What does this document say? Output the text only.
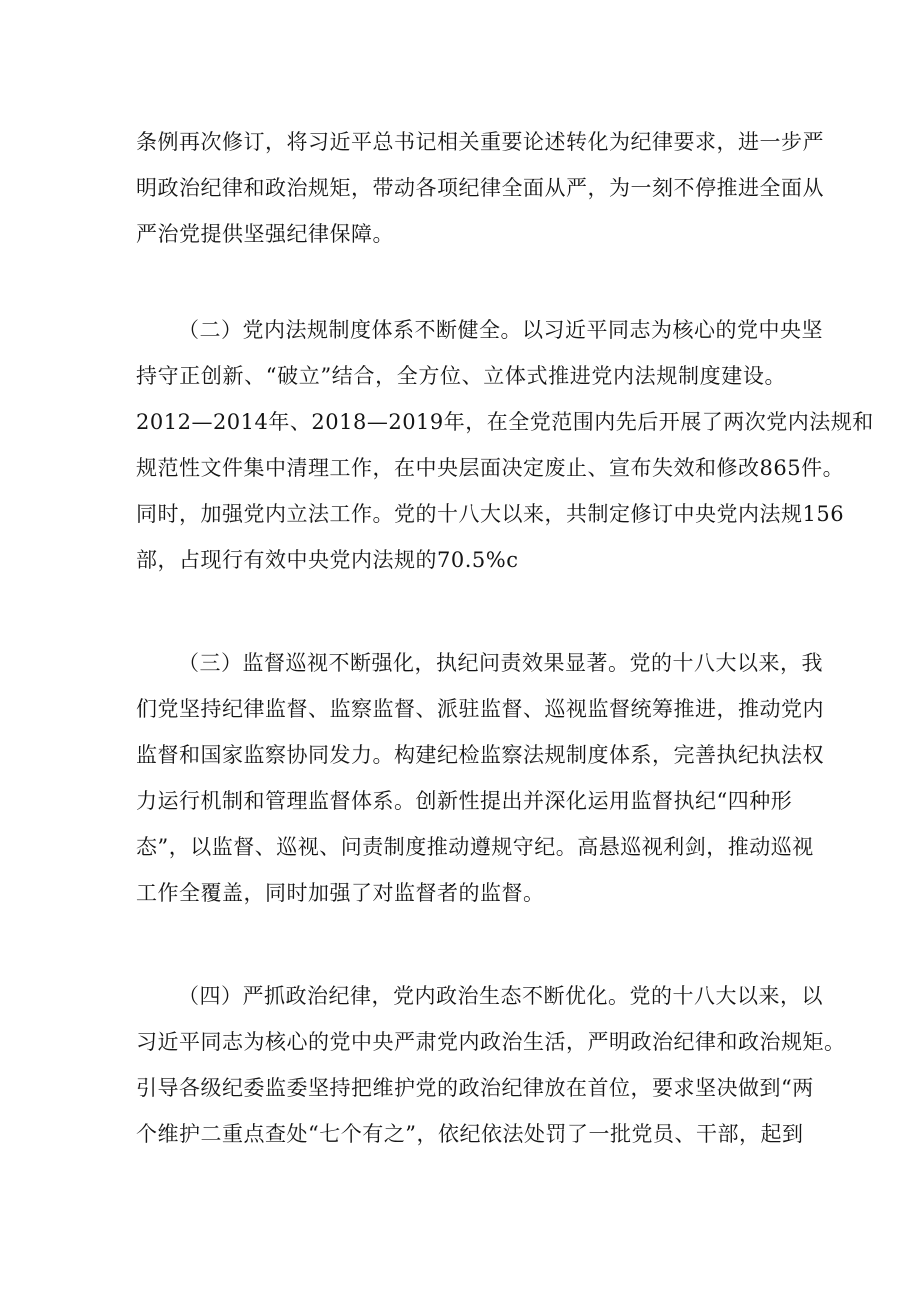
条例再次修订，将习近平总书记相关重要论述转化为纪律要求，进一步严
明政治纪律和政治规矩，带动各项纪律全面从严，为一刻不停推进全面从
严治党提供坚强纪律保障。

（二）党内法规制度体系不断健全。以习近平同志为核心的党中央坚
持守正创新、“破立”结合，全方位、立体式推进党内法规制度建设。
2012—2014年、2018—2019年，在全党范围内先后开展了两次党内法规和
规范性文件集中清理工作，在中央层面决定废止、宣布失效和修改865件。
同时，加强党内立法工作。党的十八大以来，共制定修订中央党内法规156
部，占现行有效中央党内法规的70.5%c

（三）监督巡视不断强化，执纪问责效果显著。党的十八大以来，我
们党坚持纪律监督、监察监督、派驻监督、巡视监督统筹推进，推动党内
监督和国家监察协同发力。构建纪检监察法规制度体系，完善执纪执法权
力运行机制和管理监督体系。创新性提出并深化运用监督执纪“四种形
态”，以监督、巡视、问责制度推动遵规守纪。高悬巡视利剑，推动巡视
工作全覆盖，同时加强了对监督者的监督。

（四）严抓政治纪律，党内政治生态不断优化。党的十八大以来，以
习近平同志为核心的党中央严肃党内政治生活，严明政治纪律和政治规矩。
引导各级纪委监委坚持把维护党的政治纪律放在首位，要求坚决做到“两
个维护二重点查处“七个有之”，依纪依法处罚了一批党员、干部，起到
